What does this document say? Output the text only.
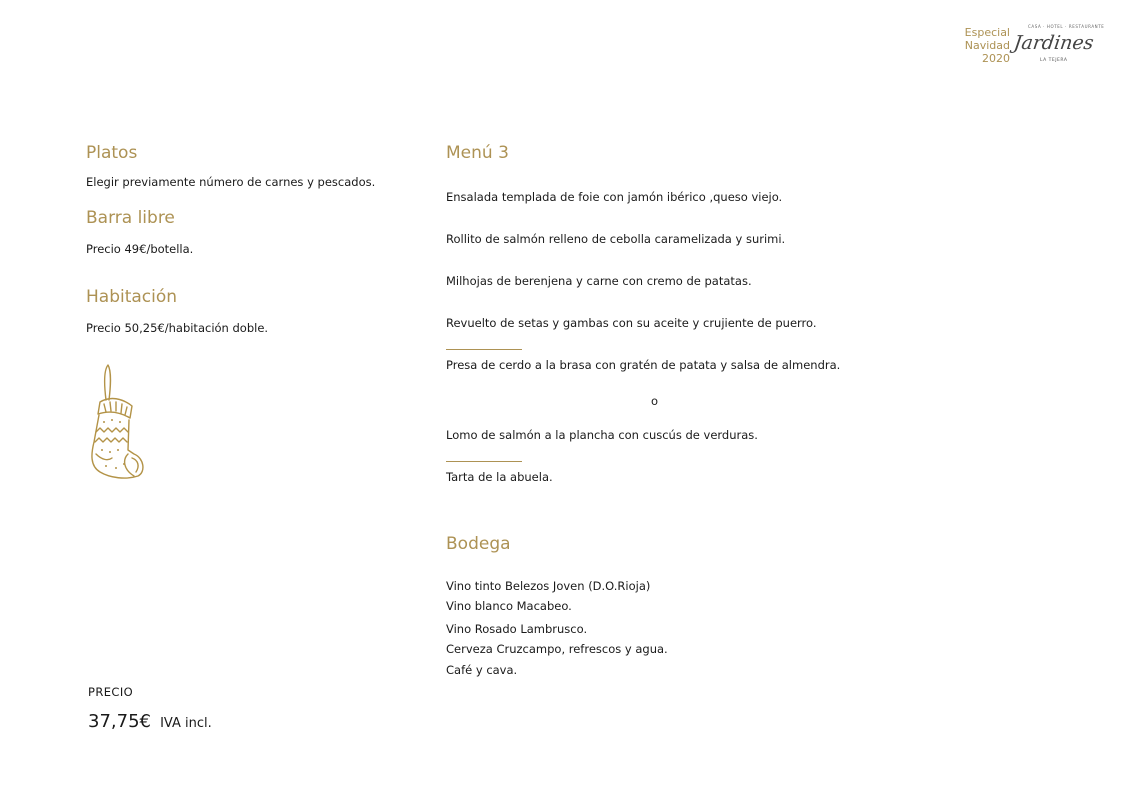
Especial
Navidad
2020
CASA · HOTEL · RESTAURANTE
Jardines
LA TEJERA
Platos

Elegir previamente número de carnes y pescados.

Barra libre

Precio 49€/botella.

Habitación

Precio 50,25€/habitación doble.

PRECIO
37,75€ IVA incl.
Menú 3

Ensalada templada de foie con jamón ibérico ,queso viejo.

Rollito de salmón relleno de cebolla caramelizada y surimi.

Milhojas de berenjena y carne con cremo de patatas.

Revuelto de setas y gambas con su aceite y crujiente de puerro.

Presa de cerdo a la brasa con gratén de patata y salsa de almendra.

o

Lomo de salmón a la plancha con cuscús de verduras.

Tarta de la abuela.

Bodega

Vino tinto Belezos Joven (D.O.Rioja)

Vino blanco Macabeo.

Vino Rosado Lambrusco.

Cerveza Cruzcampo, refrescos y agua.

Café y cava.
